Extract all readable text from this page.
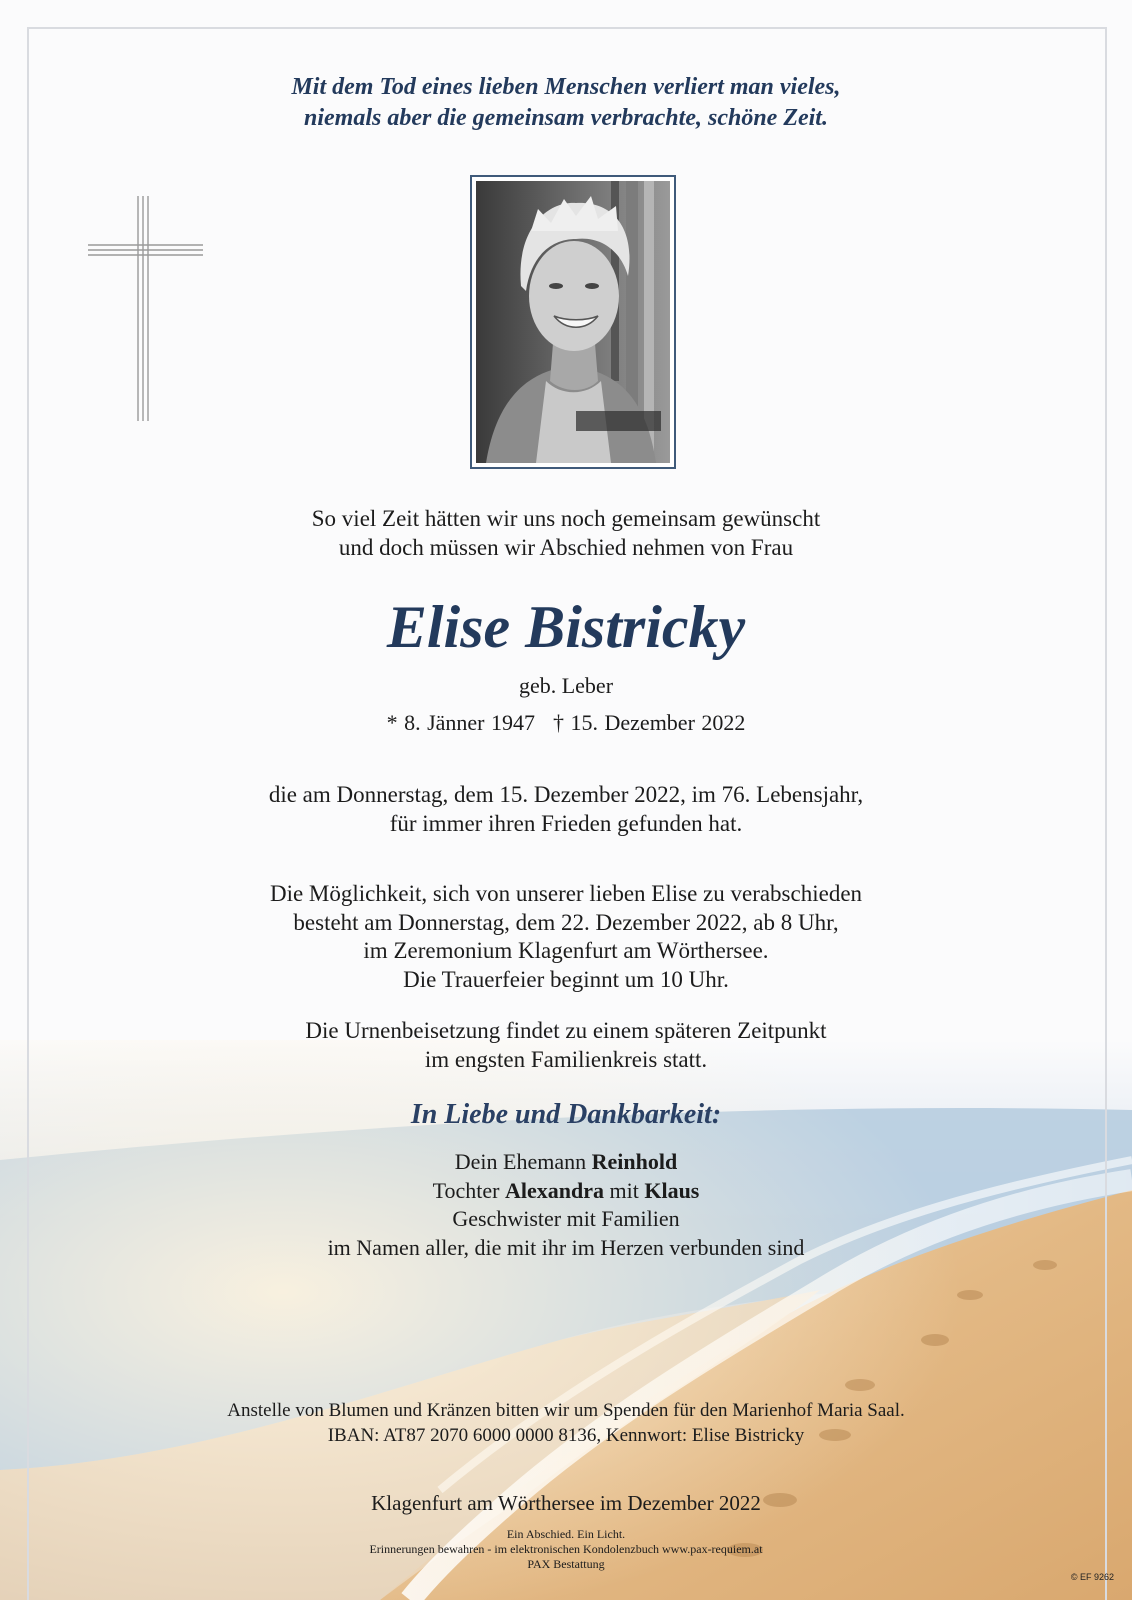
Mit dem Tod eines lieben Menschen verliert man vieles,
niemals aber die gemeinsam verbrachte, schöne Zeit.
So viel Zeit hätten wir uns noch gemeinsam gewünscht
und doch müssen wir Abschied nehmen von Frau
Elise Bistricky
geb. Leber
* 8. Jänner 1947 † 15. Dezember 2022
die am Donnerstag, dem 15. Dezember 2022, im 76. Lebensjahr,
für immer ihren Frieden gefunden hat.
Die Möglichkeit, sich von unserer lieben Elise zu verabschieden
besteht am Donnerstag, dem 22. Dezember 2022, ab 8 Uhr,
im Zeremonium Klagenfurt am Wörthersee.
Die Trauerfeier beginnt um 10 Uhr.
Die Urnenbeisetzung findet zu einem späteren Zeitpunkt
im engsten Familienkreis statt.
In Liebe und Dankbarkeit:
Dein Ehemann Reinhold
Tochter Alexandra mit Klaus
Geschwister mit Familien
im Namen aller, die mit ihr im Herzen verbunden sind
Anstelle von Blumen und Kränzen bitten wir um Spenden für den Marienhof Maria Saal.
IBAN: AT87 2070 6000 0000 8136, Kennwort: Elise Bistricky
Klagenfurt am Wörthersee im Dezember 2022
Ein Abschied. Ein Licht.
Erinnerungen bewahren - im elektronischen Kondolenzbuch www.pax-requiem.at
PAX Bestattung
© EF 9262
